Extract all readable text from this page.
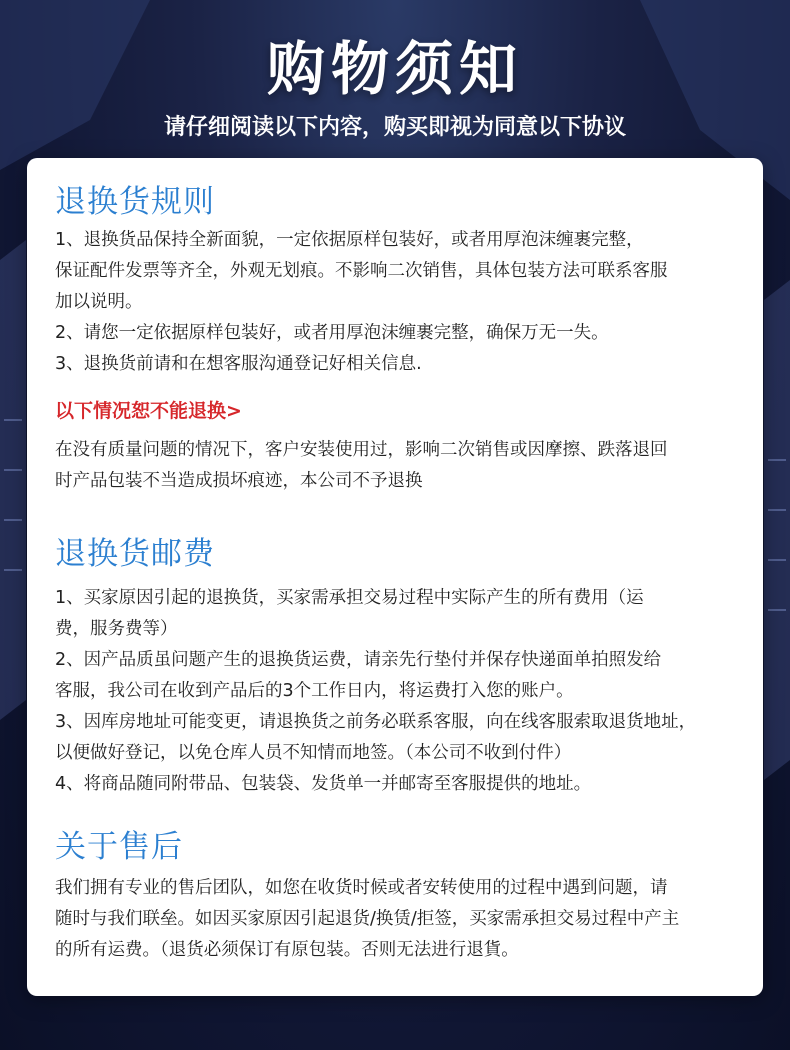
购物须知
请仔细阅读以下内容，购买即视为同意以下协议
退换货规则

1、退换货品保持全新面貌，一定依据原样包装好，或者用厚泡沫缠裹完整，

保证配件发票等齐全，外观无划痕。不影响二次销售，具体包装方法可联系客服

加以说明。

2、请您一定依据原样包装好，或者用厚泡沫缠裹完整，确保万无一失。

3、退换货前请和在想客服沟通登记好相关信息.

以下情况恕不能退换>

在没有质量问题的情况下，客户安装使用过，影响二次销售或因摩擦、跌落退回

时产品包装不当造成损坏痕迹，本公司不予退换

退换货邮费

1、买家原因引起的退换货，买家需承担交易过程中实际产生的所有费用（运

费，服务费等）

2、因产品质虽问题产生的退换货运费，请亲先行垫付并保存快递面单拍照发给

客服，我公司在收到产品后的3个工作日内，将运费打入您的账户。

3、因库房地址可能变更，请退换货之前务必联系客服，向在线客服索取退货地址，

以便做好登记，以免仓库人员不知情而地签。（本公司不收到付件）

4、将商品随同附带品、包装袋、发货单一并邮寄至客服提供的地址。

关于售后

我们拥有专业的售后团队，如您在收货时候或者安转使用的过程中遇到问题，请

随时与我们联垒。如因买家原因引起退货/换赁/拒签，买家需承担交易过程中产主

的所有运费。（退货必须保订有原包装。否则无法进行退貨。
